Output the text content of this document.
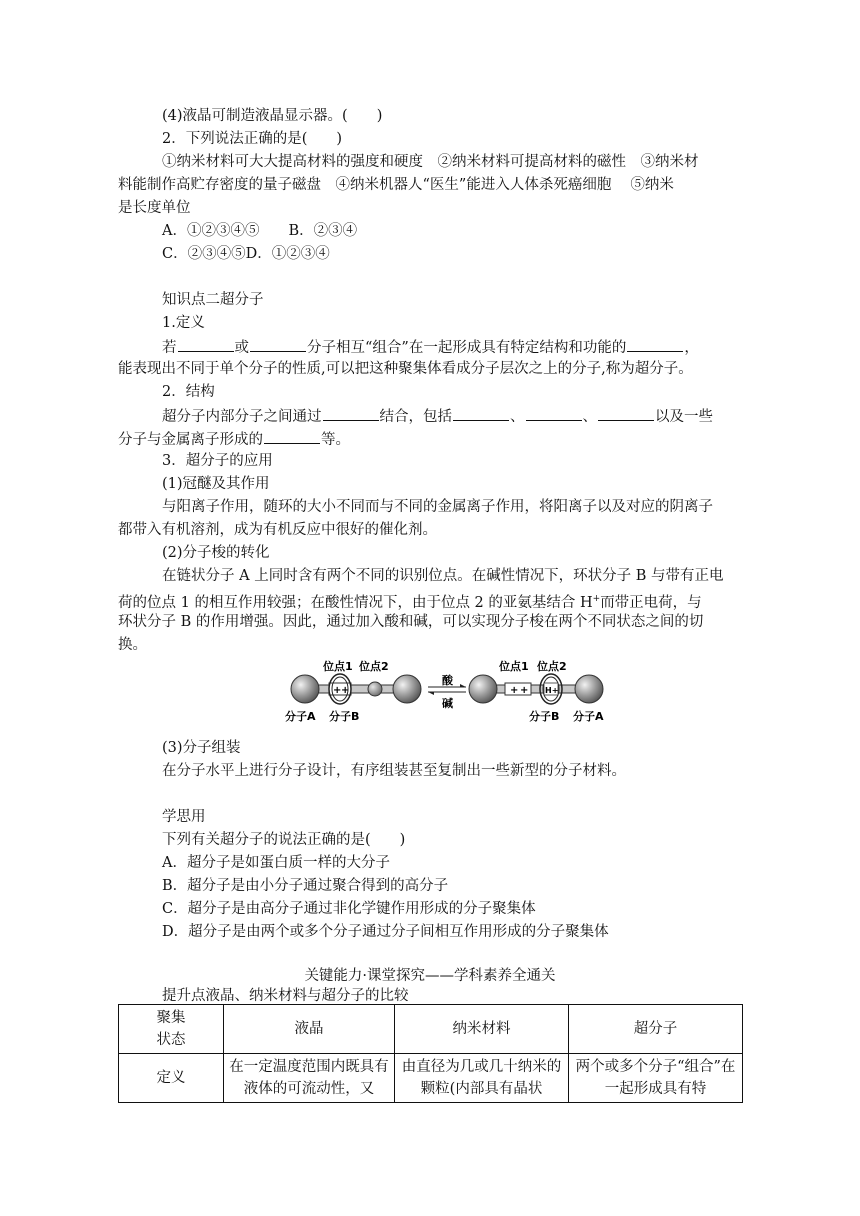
(4)液晶可制造液晶显示器。(　　)
2．下列说法正确的是(　　)
①纳米材料可大大提高材料的强度和硬度　②纳米材料可提高材料的磁性　③纳米材
料能制作高贮存密度的量子磁盘　④纳米机器人“医生”能进入人体杀死癌细胞　 ⑤纳米
是长度单位
A．①②③④⑤　　B．②③④
C．②③④⑤D．①②③④
知识点二超分子
1.定义
若	或	分子相互“组合”在一起形成具有特定结构和功能的	，
能表现出不同于单个分子的性质,可以把这种聚集体看成分子层次之上的分子,称为超分子。
2．结构
超分子内部分子之间通过	结合，包括	、	、	以及一些
分子与金属离子形成的	等。
3．超分子的应用
(1)冠醚及其作用
与阳离子作用，随环的大小不同而与不同的金属离子作用，将阳离子以及对应的阴离子
都带入有机溶剂，成为有机反应中很好的催化剂。
(2)分子梭的转化
在链状分子 A 上同时含有两个不同的识别位点。在碱性情况下，环状分子 B 与带有正电
荷的位点 1 的相互作用较强；在酸性情况下，由于位点 2 的亚氨基结合 H+而带正电荷，与
环状分子 B 的作用增强。因此，通过加入酸和碱，可以实现分子梭在两个不同状态之间的切
换。
+ +
位点1 位点2
分子A 分子B
酸
碱
+ + H+
位点1 位点2
分子B 分子A
(3)分子组装
在分子水平上进行分子设计，有序组装甚至复制出一些新型的分子材料。
学思用
下列有关超分子的说法正确的是(　　)
A．超分子是如蛋白质一样的大分子
B．超分子是由小分子通过聚合得到的高分子
C．超分子是由高分子通过非化学键作用形成的分子聚集体
D．超分子是由两个或多个分子通过分子间相互作用形成的分子聚集体
关键能力·课堂探究——学科素养全通关
提升点液晶、纳米材料与超分子的比较
聚集
状态	液晶	纳米材料	超分子
定义	在一定温度范围内既具有液体的可流动性，又	由直径为几或几十纳米的颗粒(内部具有晶状	两个或多个分子“组合”在一起形成具有特
